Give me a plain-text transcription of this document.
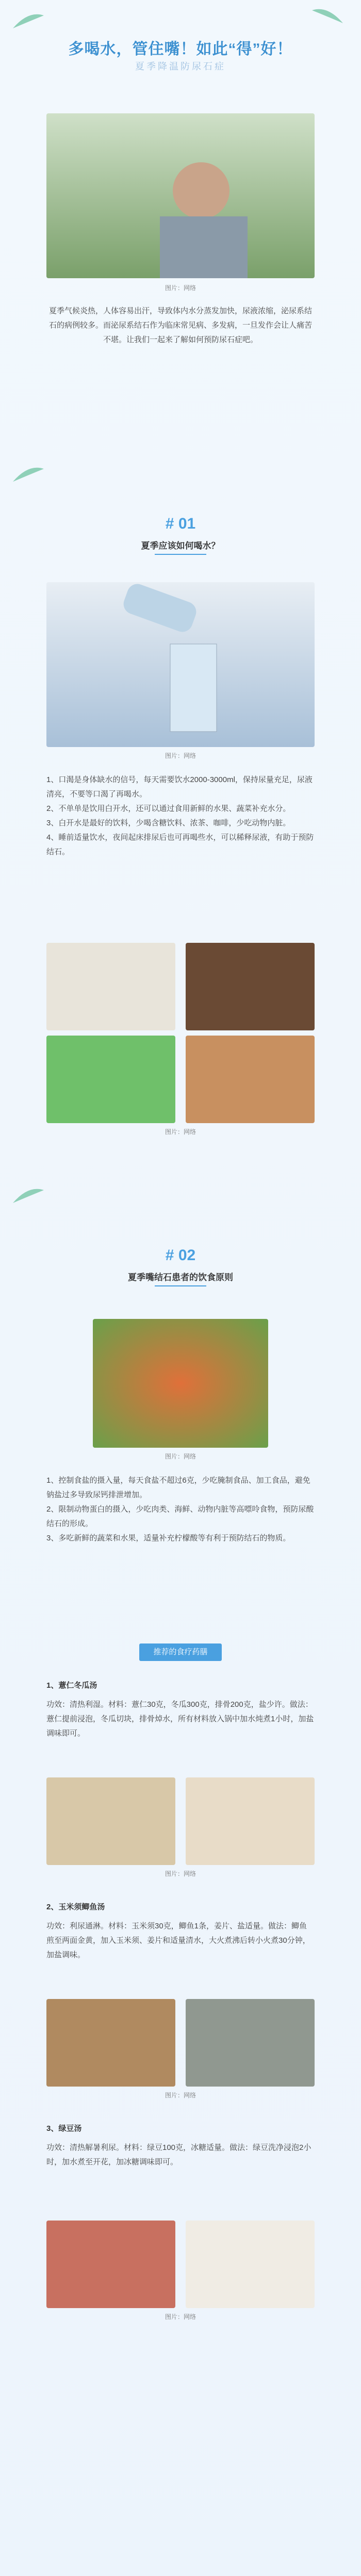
多喝水，管住嘴！如此“得”好！
夏季降温防尿石症
图片：网络
夏季气候炎热，人体容易出汗，导致体内水分蒸发加快，尿液浓缩，泌尿系结石的病例较多。而泌尿系结石作为临床常见病、多发病，一旦发作会让人痛苦不堪。让我们一起来了解如何预防尿石症吧。
# 01
夏季应该如何喝水？
图片：网络

1、口渴是身体缺水的信号，每天需要饮水2000-3000ml，保持尿量充足，尿液清亮，不要等口渴了再喝水。

2、不单单是饮用白开水，还可以通过食用新鲜的水果、蔬菜补充水分。

3、白开水是最好的饮料，少喝含糖饮料、浓茶、咖啡，少吃动物内脏。

4、睡前适量饮水，夜间起床排尿后也可再喝些水，可以稀释尿液，有助于预防结石。

图片：网络
# 02
夏季嘴结石患者的饮食原则
图片：网络

1、控制食盐的摄入量，每天食盐不超过6克，少吃腌制食品、加工食品，避免钠盐过多导致尿钙排泄增加。

2、限制动物蛋白的摄入，少吃肉类、海鲜、动物内脏等高嘌呤食物，预防尿酸结石的形成。

3、多吃新鲜的蔬菜和水果，适量补充柠檬酸等有利于预防结石的物质。

推荐的食疗药膳
1、薏仁冬瓜汤
功效：清热利湿。材料：薏仁30克，冬瓜300克，排骨200克，盐少许。做法：薏仁提前浸泡，冬瓜切块，排骨焯水，所有材料放入锅中加水炖煮1小时，加盐调味即可。
图片：网络
2、玉米须鲫鱼汤
功效：利尿通淋。材料：玉米须30克，鲫鱼1条，姜片、盐适量。做法：鲫鱼煎至两面金黄，加入玉米须、姜片和适量清水，大火煮沸后转小火煮30分钟，加盐调味。
图片：网络
3、绿豆汤
功效：清热解暑利尿。材料：绿豆100克，冰糖适量。做法：绿豆洗净浸泡2小时，加水煮至开花，加冰糖调味即可。
图片：网络
